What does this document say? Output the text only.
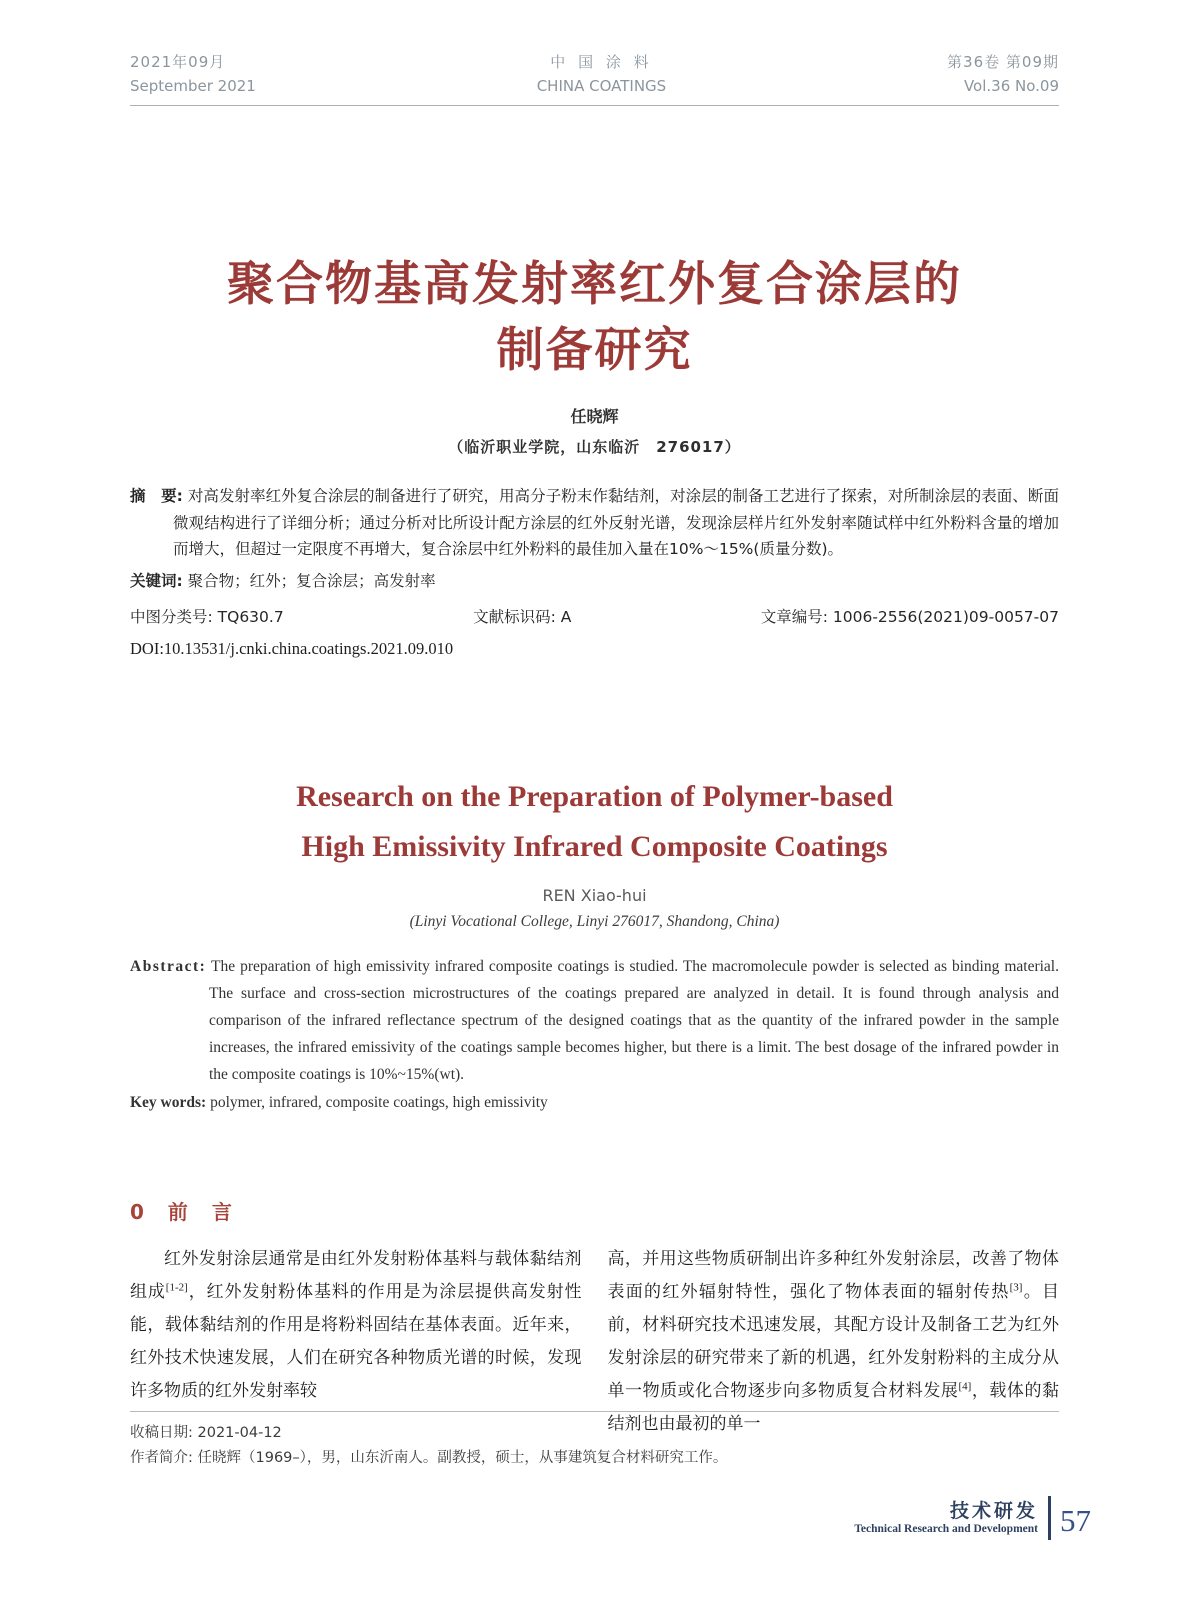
2021年09月
September 2021
中 国 涂 料
CHINA COATINGS
第36卷 第09期
Vol.36 No.09
聚合物基高发射率红外复合涂层的
制备研究
任晓辉
（临沂职业学院，山东临沂　276017）

摘　要: 对高发射率红外复合涂层的制备进行了研究，用高分子粉末作黏结剂，对涂层的制备工艺进行了探索，对所制涂层的表面、断面微观结构进行了详细分析；通过分析对比所设计配方涂层的红外反射光谱，发现涂层样片红外发射率随试样中红外粉料含量的增加而增大，但超过一定限度不再增大，复合涂层中红外粉料的最佳加入量在10%～15%(质量分数)。

关键词: 聚合物；红外；复合涂层；高发射率
中图分类号: TQ630.7	文献标识码: A	文章编号: 1006-2556(2021)09-0057-07
DOI:10.13531/j.cnki.china.coatings.2021.09.010
Research on the Preparation of Polymer-based
High Emissivity Infrared Composite Coatings
REN Xiao-hui
(Linyi Vocational College, Linyi 276017, Shandong, China)

Abstract: The preparation of high emissivity infrared composite coatings is studied. The macromolecule powder is selected as binding material. The surface and cross-section microstructures of the coatings prepared are analyzed in detail. It is found through analysis and comparison of the infrared reflectance spectrum of the designed coatings that as the quantity of the infrared powder in the sample increases, the infrared emissivity of the coatings sample becomes higher, but there is a limit. The best dosage of the infrared powder in the composite coatings is 10%~15%(wt).

Key words: polymer, infrared, composite coatings, high emissivity
0　前　言

红外发射涂层通常是由红外发射粉体基料与载体黏结剂组成[1-2]，红外发射粉体基料的作用是为涂层提供高发射性能，载体黏结剂的作用是将粉料固结在基体表面。近年来，红外技术快速发展，人们在研究各种物质光谱的时候，发现许多物质的红外发射率较

高，并用这些物质研制出许多种红外发射涂层，改善了物体表面的红外辐射特性，强化了物体表面的辐射传热[3]。目前，材料研究技术迅速发展，其配方设计及制备工艺为红外发射涂层的研究带来了新的机遇，红外发射粉料的主成分从单一物质或化合物逐步向多物质复合材料发展[4]，载体的黏结剂也由最初的单一

收稿日期: 2021-04-12
作者简介: 任晓辉（1969–），男，山东沂南人。副教授，硕士，从事建筑复合材料研究工作。
技术研发
Technical Research and Development 57
